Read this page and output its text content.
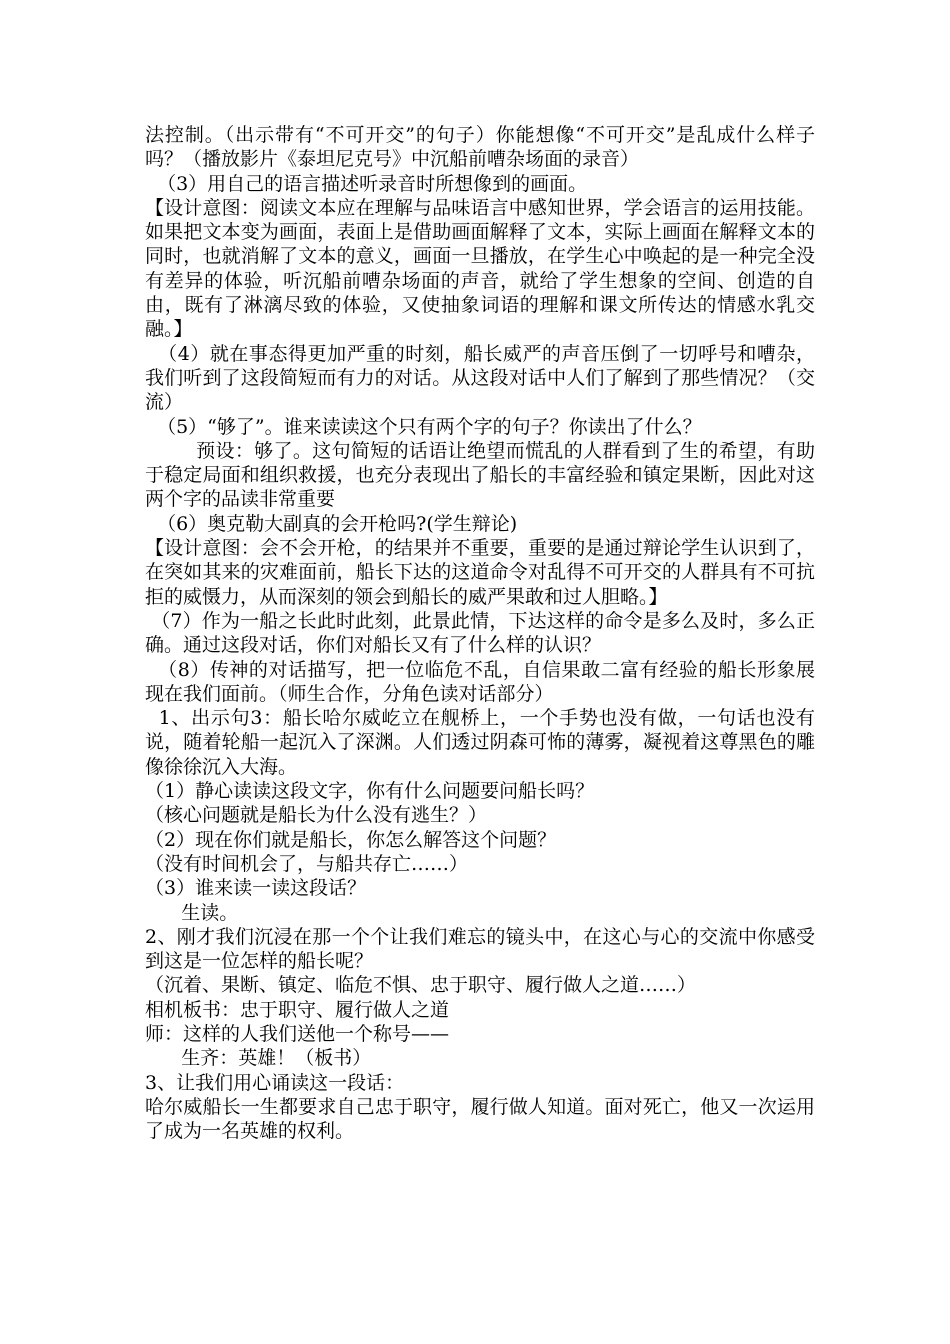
法控制。（出示带有“不可开交”的句子）你能想像“不可开交”是乱成什么样子吗？（播放影片《泰坦尼克号》中沉船前嘈杂场面的录音）

（3）用自己的语言描述听录音时所想像到的画面。

【设计意图：阅读文本应在理解与品味语言中感知世界，学会语言的运用技能。如果把文本变为画面，表面上是借助画面解释了文本，实际上画面在解释文本的同时，也就消解了文本的意义，画面一旦播放，在学生心中唤起的是一种完全没有差异的体验，听沉船前嘈杂场面的声音，就给了学生想象的空间、创造的自由，既有了淋漓尽致的体验，又使抽象词语的理解和课文所传达的情感水乳交融。】

（4）就在事态得更加严重的时刻，船长威严的声音压倒了一切呼号和嘈杂，我们听到了这段简短而有力的对话。从这段对话中人们了解到了那些情况？（交流）

（5）“够了”。谁来读读这个只有两个字的句子？你读出了什么？

预设：够了。这句简短的话语让绝望而慌乱的人群看到了生的希望，有助于稳定局面和组织救援，也充分表现出了船长的丰富经验和镇定果断，因此对这两个字的品读非常重要

（6）奥克勒大副真的会开枪吗?(学生辩论)

【设计意图：会不会开枪，的结果并不重要，重要的是通过辩论学生认识到了，在突如其来的灾难面前，船长下达的这道命令对乱得不可开交的人群具有不可抗拒的威慑力，从而深刻的领会到船长的威严果敢和过人胆略。】

（7）作为一船之长此时此刻，此景此情，下达这样的命令是多么及时，多么正确。通过这段对话，你们对船长又有了什么样的认识？

（8）传神的对话描写，把一位临危不乱，自信果敢二富有经验的船长形象展现在我们面前。（师生合作，分角色读对话部分）

1、出示句3：船长哈尔威屹立在舰桥上，一个手势也没有做，一句话也没有说，随着轮船一起沉入了深渊。人们透过阴森可怖的薄雾，凝视着这尊黑色的雕像徐徐沉入大海。

（1）静心读读这段文字，你有什么问题要问船长吗？

（核心问题就是船长为什么没有逃生？）

（2）现在你们就是船长，你怎么解答这个问题？

（没有时间机会了，与船共存亡……）

（3）谁来读一读这段话？

生读。

2、刚才我们沉浸在那一个个让我们难忘的镜头中，在这心与心的交流中你感受到这是一位怎样的船长呢？

（沉着、果断、镇定、临危不惧、忠于职守、履行做人之道……）

相机板书：忠于职守、履行做人之道

师：这样的人我们送他一个称号——

生齐：英雄！（板书）

3、让我们用心诵读这一段话：

哈尔威船长一生都要求自己忠于职守，履行做人知道。面对死亡，他又一次运用了成为一名英雄的权利。
